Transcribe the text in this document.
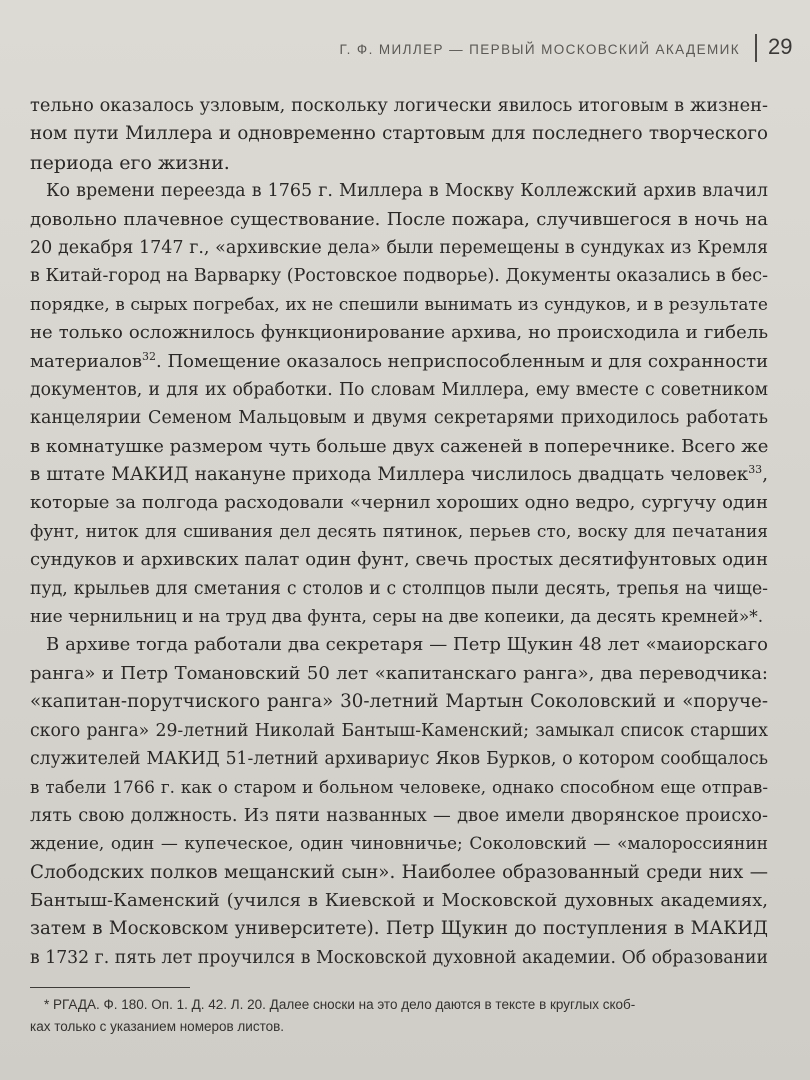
Г. Ф. МИЛЛЕР — ПЕРВЫЙ МОСКОВСКИЙ АКАДЕМИК 29
тельно оказалось узловым, поскольку логически явилось итоговым в жизнен-
ном пути Миллера и одновременно стартовым для последнего творческого
периода его жизни.
Ко времени переезда в 1765 г. Миллера в Москву Коллежский архив влачил
довольно плачевное существование. После пожара, случившегося в ночь на
20 декабря 1747 г., «архивские дела» были перемещены в сундуках из Кремля
в Китай-город на Варварку (Ростовское подворье). Документы оказались в бес-
порядке, в сырых погребах, их не спешили вынимать из сундуков, и в результате
не только осложнилось функционирование архива, но происходила и гибель
материалов$^{32}$. Помещение оказалось неприспособленным и для сохранности
документов, и для их обработки. По словам Миллера, ему вместе с советником
канцелярии Семеном Мальцовым и двумя секретарями приходилось работать
в комнатушке размером чуть больше двух саженей в поперечнике. Всего же
в штате МАКИД накануне прихода Миллера числилось двадцать человек$^{33}$,
которые за полгода расходовали «чернил хороших одно ведро, сургучу один
фунт, ниток для сшивания дел десять пятинок, перьев сто, воску для печатания
сундуков и архивских палат один фунт, свечь простых десятифунтовых один
пуд, крыльев для сметания с столов и с столпцов пыли десять, трепья на чище-
ние чернильниц и на труд два фунта, серы на две копеики, да десять кремней»*.
В архиве тогда работали два секретаря — Петр Щукин 48 лет «маиорскаго
ранга» и Петр Томановский 50 лет «капитанскаго ранга», два переводчика:
«капитан-порутчиского ранга» 30-летний Мартын Соколовский и «поруче-
ского ранга» 29-летний Николай Бантыш-Каменский; замыкал список старших
служителей МАКИД 51-летний архивариус Яков Бурков, о котором сообщалось
в табели 1766 г. как о старом и больном человеке, однако способном еще отправ-
лять свою должность. Из пяти названных — двое имели дворянское происхо-
ждение, один — купеческое, один чиновничье; Соколовский — «малороссиянин
Слободских полков мещанский сын». Наиболее образованный среди них —
Бантыш-Каменский (учился в Киевской и Московской духовных академиях,
затем в Московском университете). Петр Щукин до поступления в МАКИД
в 1732 г. пять лет проучился в Московской духовной академии. Об образовании
* РГАДА. Ф. 180. Оп. 1. Д. 42. Л. 20. Далее сноски на это дело даются в тексте в круглых скоб-
ках только с указанием номеров листов.
